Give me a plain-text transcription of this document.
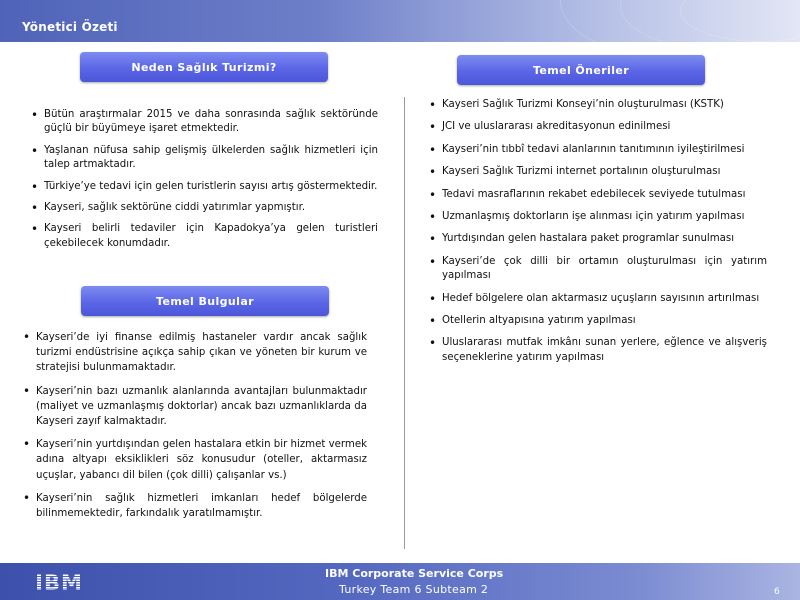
Yönetici Özeti
Neden Sağlık Turizmi?
• Bütün araştırmalar 2015 ve daha sonrasında sağlık sektöründe güçlü bir büyümeye işaret etmektedir.
• Yaşlanan nüfusa sahip gelişmiş ülkelerden sağlık hizmetleri için talep artmaktadır.
• Türkiye’ye tedavi için gelen turistlerin sayısı artış göstermektedir.
• Kayseri, sağlık sektörüne ciddi yatırımlar yapmıştır.
• Kayseri belirli tedaviler için Kapadokya’ya gelen turistleri çekebilecek konumdadır.
Temel Bulgular
• Kayseri’de iyi finanse edilmiş hastaneler vardır ancak sağlık turizmi endüstrisine açıkça sahip çıkan ve yöneten bir kurum ve stratejisi bulunmamaktadır.
• Kayseri’nin bazı uzmanlık alanlarında avantajları bulunmaktadır (maliyet ve uzmanlaşmış doktorlar) ancak bazı uzmanlıklarda da Kayseri zayıf kalmaktadır.
• Kayseri’nin yurtdışından gelen hastalara etkin bir hizmet vermek adına altyapı eksiklikleri söz konusudur (oteller, aktarmasız uçuşlar, yabancı dil bilen (çok dilli) çalışanlar vs.)
• Kayseri’nin sağlık hizmetleri imkanları hedef bölgelerde bilinmemektedir, farkındalık yaratılmamıştır.
Temel Öneriler
• Kayseri Sağlık Turizmi Konseyi’nin oluşturulması (KSTK)
• JCI ve uluslararası akreditasyonun edinilmesi
• Kayseri’nin tıbbî tedavi alanlarının tanıtımının iyileştirilmesi
• Kayseri Sağlık Turizmi internet portalının oluşturulması
• Tedavi masraflarının rekabet edebilecek seviyede tutulması
• Uzmanlaşmış doktorların işe alınması için yatırım yapılması
• Yurtdışından gelen hastalara paket programlar sunulması
• Kayseri’de çok dilli bir ortamın oluşturulması için yatırım yapılması
• Hedef bölgelere olan aktarmasız uçuşların sayısının artırılması
• Otellerin altyapısına yatırım yapılması
• Uluslararası mutfak imkânı sunan yerlere, eğlence ve alışveriş seçeneklerine yatırım yapılması
IBM Corporate Service Corps
Turkey Team 6 Subteam 2	6
